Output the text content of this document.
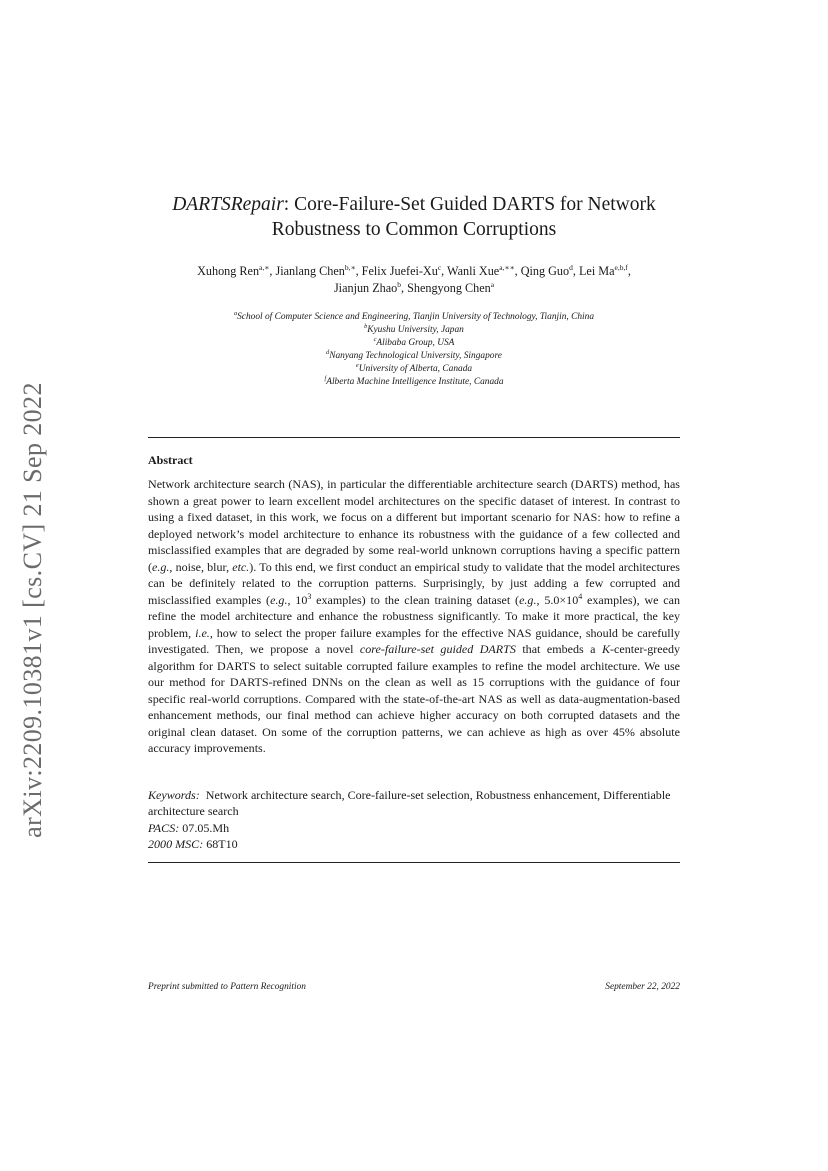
arXiv:2209.10381v1 [cs.CV] 21 Sep 2022
DARTSRepair: Core-Failure-Set Guided DARTS for Network
Robustness to Common Corruptions
Xuhong Ren$^{a,∗}$, Jianlang Chen$^{b,∗}$, Felix Juefei-Xu$^c$, Wanli Xue$^{a,∗∗}$, Qing Guo$^d$, Lei Ma$^{e,b,f}$,
Jianjun Zhao$^b$, Shengyong Chen$^a$
$^a$School of Computer Science and Engineering, Tianjin University of Technology, Tianjin, China
$^b$Kyushu University, Japan
$^c$Alibaba Group, USA
$^d$Nanyang Technological University, Singapore
$^e$University of Alberta, Canada
$^f$Alberta Machine Intelligence Institute, Canada
Abstract
Network architecture search (NAS), in particular the differentiable architecture search (DARTS) method, has shown a great power to learn excellent model architectures on the specific dataset of interest. In contrast to using a fixed dataset, in this work, we focus on a different but important scenario for NAS: how to refine a deployed network’s model architecture to enhance its robustness with the guidance of a few collected and misclassified examples that are degraded by some real-world unknown corruptions having a specific pattern (e.g., noise, blur, etc.). To this end, we first conduct an empirical study to validate that the model architectures can be definitely related to the corruption patterns. Surprisingly, by just adding a few corrupted and misclassified examples (e.g., $10^3$ examples) to the clean training dataset (e.g., $5.0\times 10^4$ examples), we can refine the model architecture and enhance the robustness significantly. To make it more practical, the key problem, i.e., how to select the proper failure examples for the effective NAS guidance, should be carefully investigated. Then, we propose a novel core-failure-set guided DARTS that embeds a K-center-greedy algorithm for DARTS to select suitable corrupted failure examples to refine the model architecture. We use our method for DARTS-refined DNNs on the clean as well as 15 corruptions with the guidance of four specific real-world corruptions. Compared with the state-of-the-art NAS as well as data-augmentation-based enhancement methods, our final method can achieve higher accuracy on both corrupted datasets and the original clean dataset. On some of the corruption patterns, we can achieve as high as over 45% absolute accuracy improvements.
Keywords: Network architecture search, Core-failure-set selection, Robustness enhancement, Differentiable architecture search
PACS: 07.05.Mh
2000 MSC: 68T10
Preprint submitted to Pattern Recognition	September 22, 2022
